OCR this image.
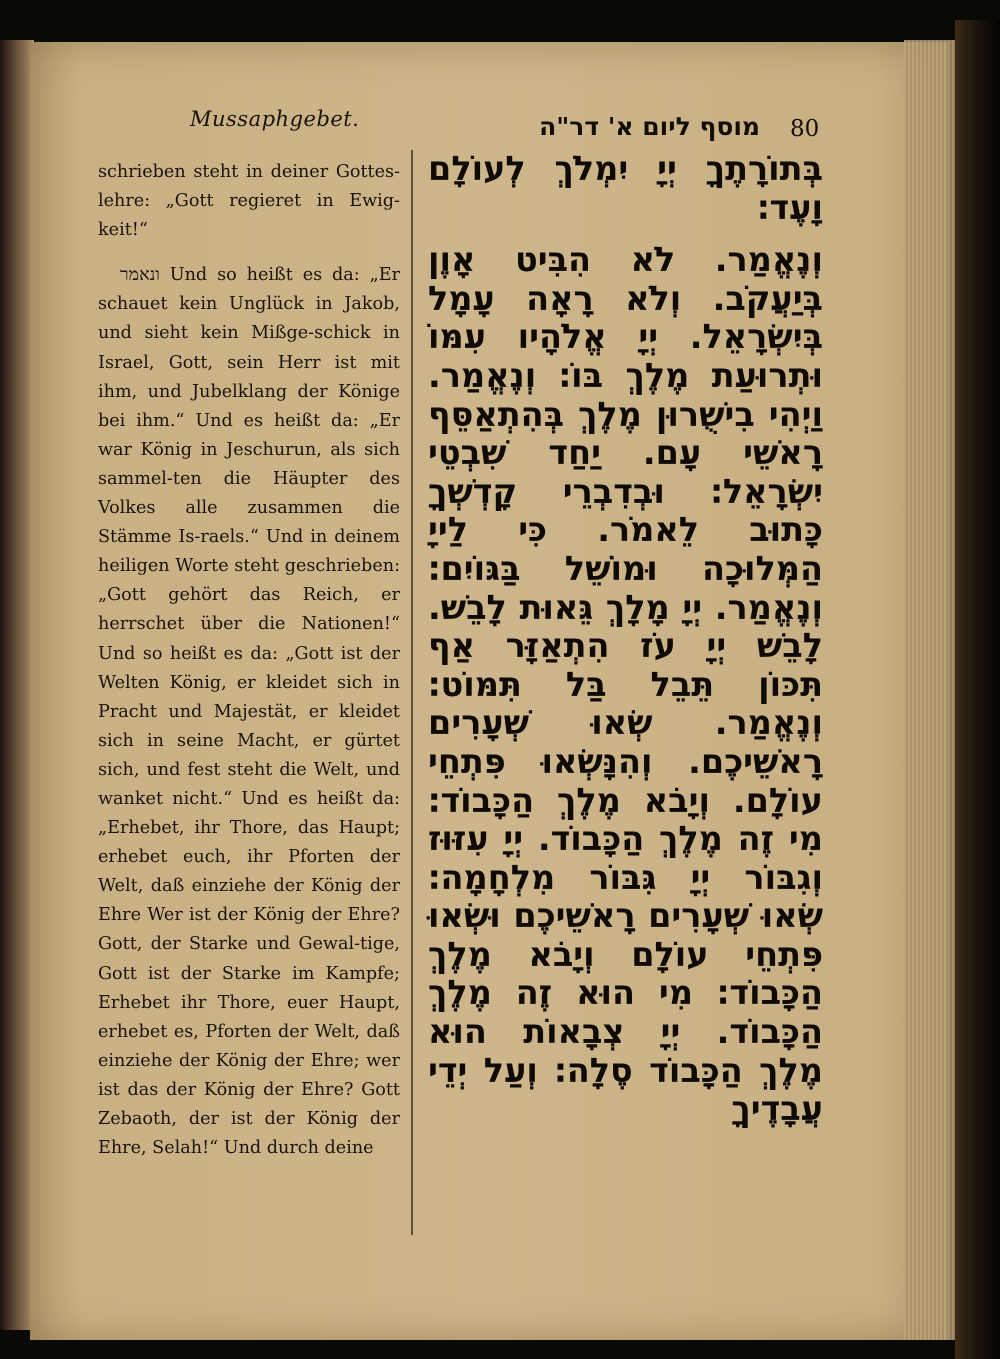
Mussaphgebet.	מוסף ליום א' דר"ה 80

schrieben steht in deiner Gottes-lehre: „Gott regieret in Ewig-keit!“

ונאמר Und so heißt es da: „Er schauet kein Unglück in Jakob, und sieht kein Mißge-schick in Israel, Gott, sein Herr ist mit ihm, und Jubelklang der Könige bei ihm.“ Und es heißt da: „Er war König in Jeschurun, als sich sammel-ten die Häupter des Volkes alle zusammen die Stämme Is-raels.“ Und in deinem heiligen Worte steht geschrieben: „Gott gehört das Reich, er herrschet über die Nationen!“ Und so heißt es da: „Gott ist der Welten König, er kleidet sich in Pracht und Majestät, er kleidet sich in seine Macht, er gürtet sich, und fest steht die Welt, und wanket nicht.“ Und es heißt da: „Erhebet, ihr Thore, das Haupt; erhebet euch, ihr Pforten der Welt, daß einziehe der König der Ehre Wer ist der König der Ehre? Gott, der Starke und Gewal-tige, Gott ist der Starke im Kampfe; Erhebet ihr Thore, euer Haupt, erhebet es, Pforten der Welt, daß einziehe der König der Ehre; wer ist das der König der Ehre? Gott Zebaoth, der ist der König der Ehre, Selah!“ Und durch deine

בְּתוֹרָתֶךָ יְיָ יִמְלֹךְ לְעוֹלָם וָעֶד׃

וְנֶאֱמַר. לֹא הִבִּיט אָוֶן בְּיַעֲקֹב. וְלֹא רָאָה עָמָל בְּיִשְׂרָאֵל. יְיָ אֱלֹהָיו עִמּוֹ וּתְרוּעַת מֶלֶךְ בּוֹ׃ וְנֶאֱמַר. וַיְהִי בִישֻׁרוּן מֶלֶךְ בְּהִתְאַסֵּף רָאשֵׁי עָם. יַחַד שִׁבְטֵי יִשְׂרָאֵל׃ וּבְדִבְרֵי קָדְשְׁךָ כָּתוּב לֵאמֹר. כִּי לַייָ הַמְּלוּכָה וּמוֹשֵׁל בַּגּוֹיִם׃ וְנֶאֱמַר. יְיָ מָלָךְ גֵּאוּת לָבֵשׁ. לָבֵשׁ יְיָ עֹז הִתְאַזָּר אַף תִּכּוֹן תֵּבֵל בַּל תִּמּוֹט׃ וְנֶאֱמַר. שְׂאוּ שְׁעָרִים רָאשֵׁיכֶם. וְהִנָּשְׂאוּ פִּתְחֵי עוֹלָם. וְיָבֹא מֶלֶךְ הַכָּבוֹד׃ מִי זֶה מֶלֶךְ הַכָּבוֹד. יְיָ עִזּוּז וְגִבּוֹר יְיָ גִּבּוֹר מִלְחָמָה׃ שְׂאוּ שְׁעָרִים רָאשֵׁיכֶם וּשְׂאוּ פִּתְחֵי עוֹלָם וְיָבֹא מֶלֶךְ הַכָּבוֹד׃ מִי הוּא זֶה מֶלֶךְ הַכָּבוֹד. יְיָ צְבָאוֹת הוּא מֶלֶךְ הַכָּבוֹד סֶלָה׃ וְעַל יְדֵי עֲבָדֶיךָ
